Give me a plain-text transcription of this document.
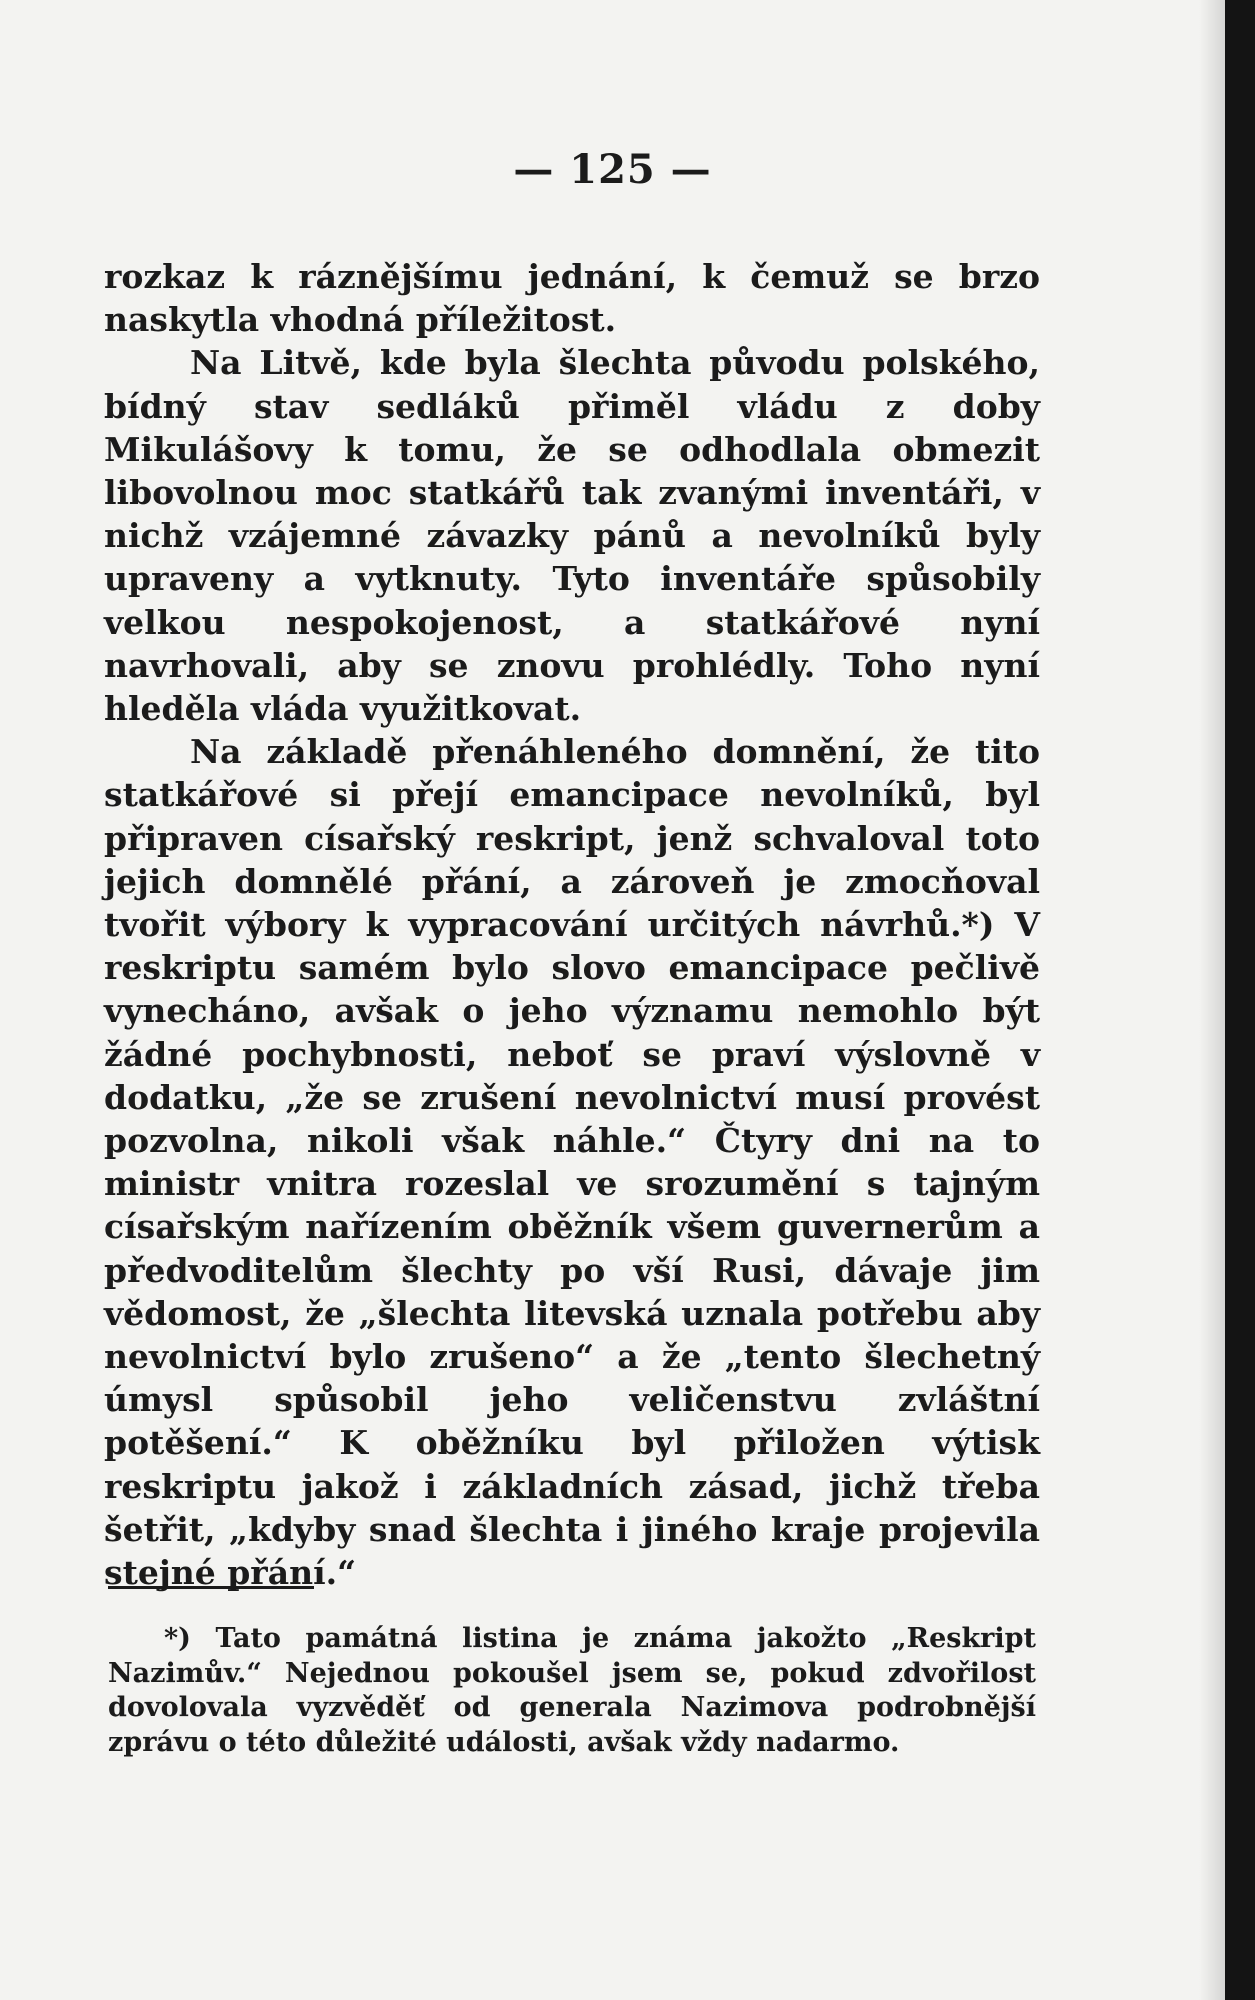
— 125 —

rozkaz k ráznějšímu jednání, k čemuž se brzo naskytla vhodná příležitost.

Na Litvě, kde byla šlechta původu polského, bídný stav sedláků přiměl vládu z doby Mikulášovy k tomu, že se odhodlala obmezit libovolnou moc statkářů tak zvanými inventáři, v nichž vzájemné závazky pánů a nevolníků byly upraveny a vytknuty. Tyto inventáře spůsobily velkou nespokojenost, a statkářové nyní navrhovali, aby se znovu prohlédly. Toho nyní hleděla vláda využitkovat.

Na základě přenáhleného domnění, že tito statkářové si přejí emancipace nevolníků, byl připraven císařský reskript, jenž schvaloval toto jejich domnělé přání, a zároveň je zmocňoval tvořit výbory k vypracování určitých návrhů.*) V reskriptu samém bylo slovo emancipace pečlivě vynecháno, avšak o jeho významu nemohlo být žádné pochybnosti, neboť se praví výslovně v dodatku, „že se zrušení nevolnictví musí provést pozvolna, nikoli však náhle.“ Čtyry dni na to ministr vnitra rozeslal ve srozumění s tajným císařským nařízením oběžník všem guvernerům a předvoditelům šlechty po vší Rusi, dávaje jim vědomost, že „šlechta litevská uznala potřebu aby nevolnictví bylo zrušeno“ a že „tento šlechetný úmysl spůsobil jeho veličenstvu zvláštní potěšení.“ K oběžníku byl přiložen výtisk reskriptu jakož i základních zásad, jichž třeba šetřit, „kdyby snad šlechta i jiného kraje projevila stejné přání.“

*) Tato památná listina je známa jakožto „Reskript Nazimův.“ Nejednou pokoušel jsem se, pokud zdvořilost dovolovala vyzvěděť od generala Nazimova podrobnější zprávu o této důležité události, avšak vždy nadarmo.
